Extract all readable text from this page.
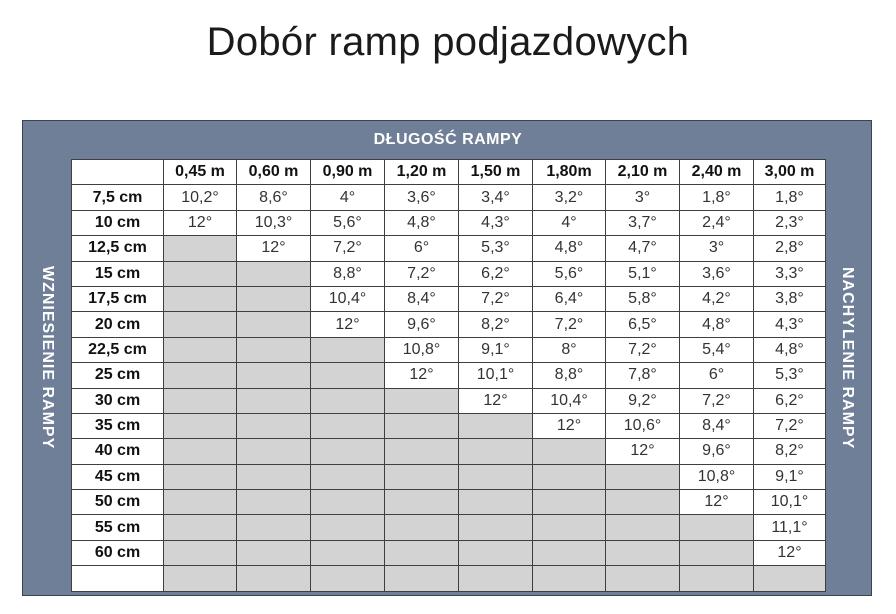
Dobór ramp podjazdowych
WZNIESIENIE RAMPY
DŁUGOŚĆ RAMPY
NACHYLENIE RAMPY
	0,45 m	0,60 m	0,90 m	1,20 m	1,50 m	1,80m	2,10 m	2,40 m	3,00 m
7,5 cm	10,2°	8,6°	4°	3,6°	3,4°	3,2°	3°	1,8°	1,8°
10 cm	12°	10,3°	5,6°	4,8°	4,3°	4°	3,7°	2,4°	2,3°
12,5 cm		12°	7,2°	6°	5,3°	4,8°	4,7°	3°	2,8°
15 cm			8,8°	7,2°	6,2°	5,6°	5,1°	3,6°	3,3°
17,5 cm			10,4°	8,4°	7,2°	6,4°	5,8°	4,2°	3,8°
20 cm			12°	9,6°	8,2°	7,2°	6,5°	4,8°	4,3°
22,5 cm				10,8°	9,1°	8°	7,2°	5,4°	4,8°
25 cm				12°	10,1°	8,8°	7,8°	6°	5,3°
30 cm					12°	10,4°	9,2°	7,2°	6,2°
35 cm						12°	10,6°	8,4°	7,2°
40 cm							12°	9,6°	8,2°
45 cm								10,8°	9,1°
50 cm								12°	10,1°
55 cm									11,1°
60 cm									12°
